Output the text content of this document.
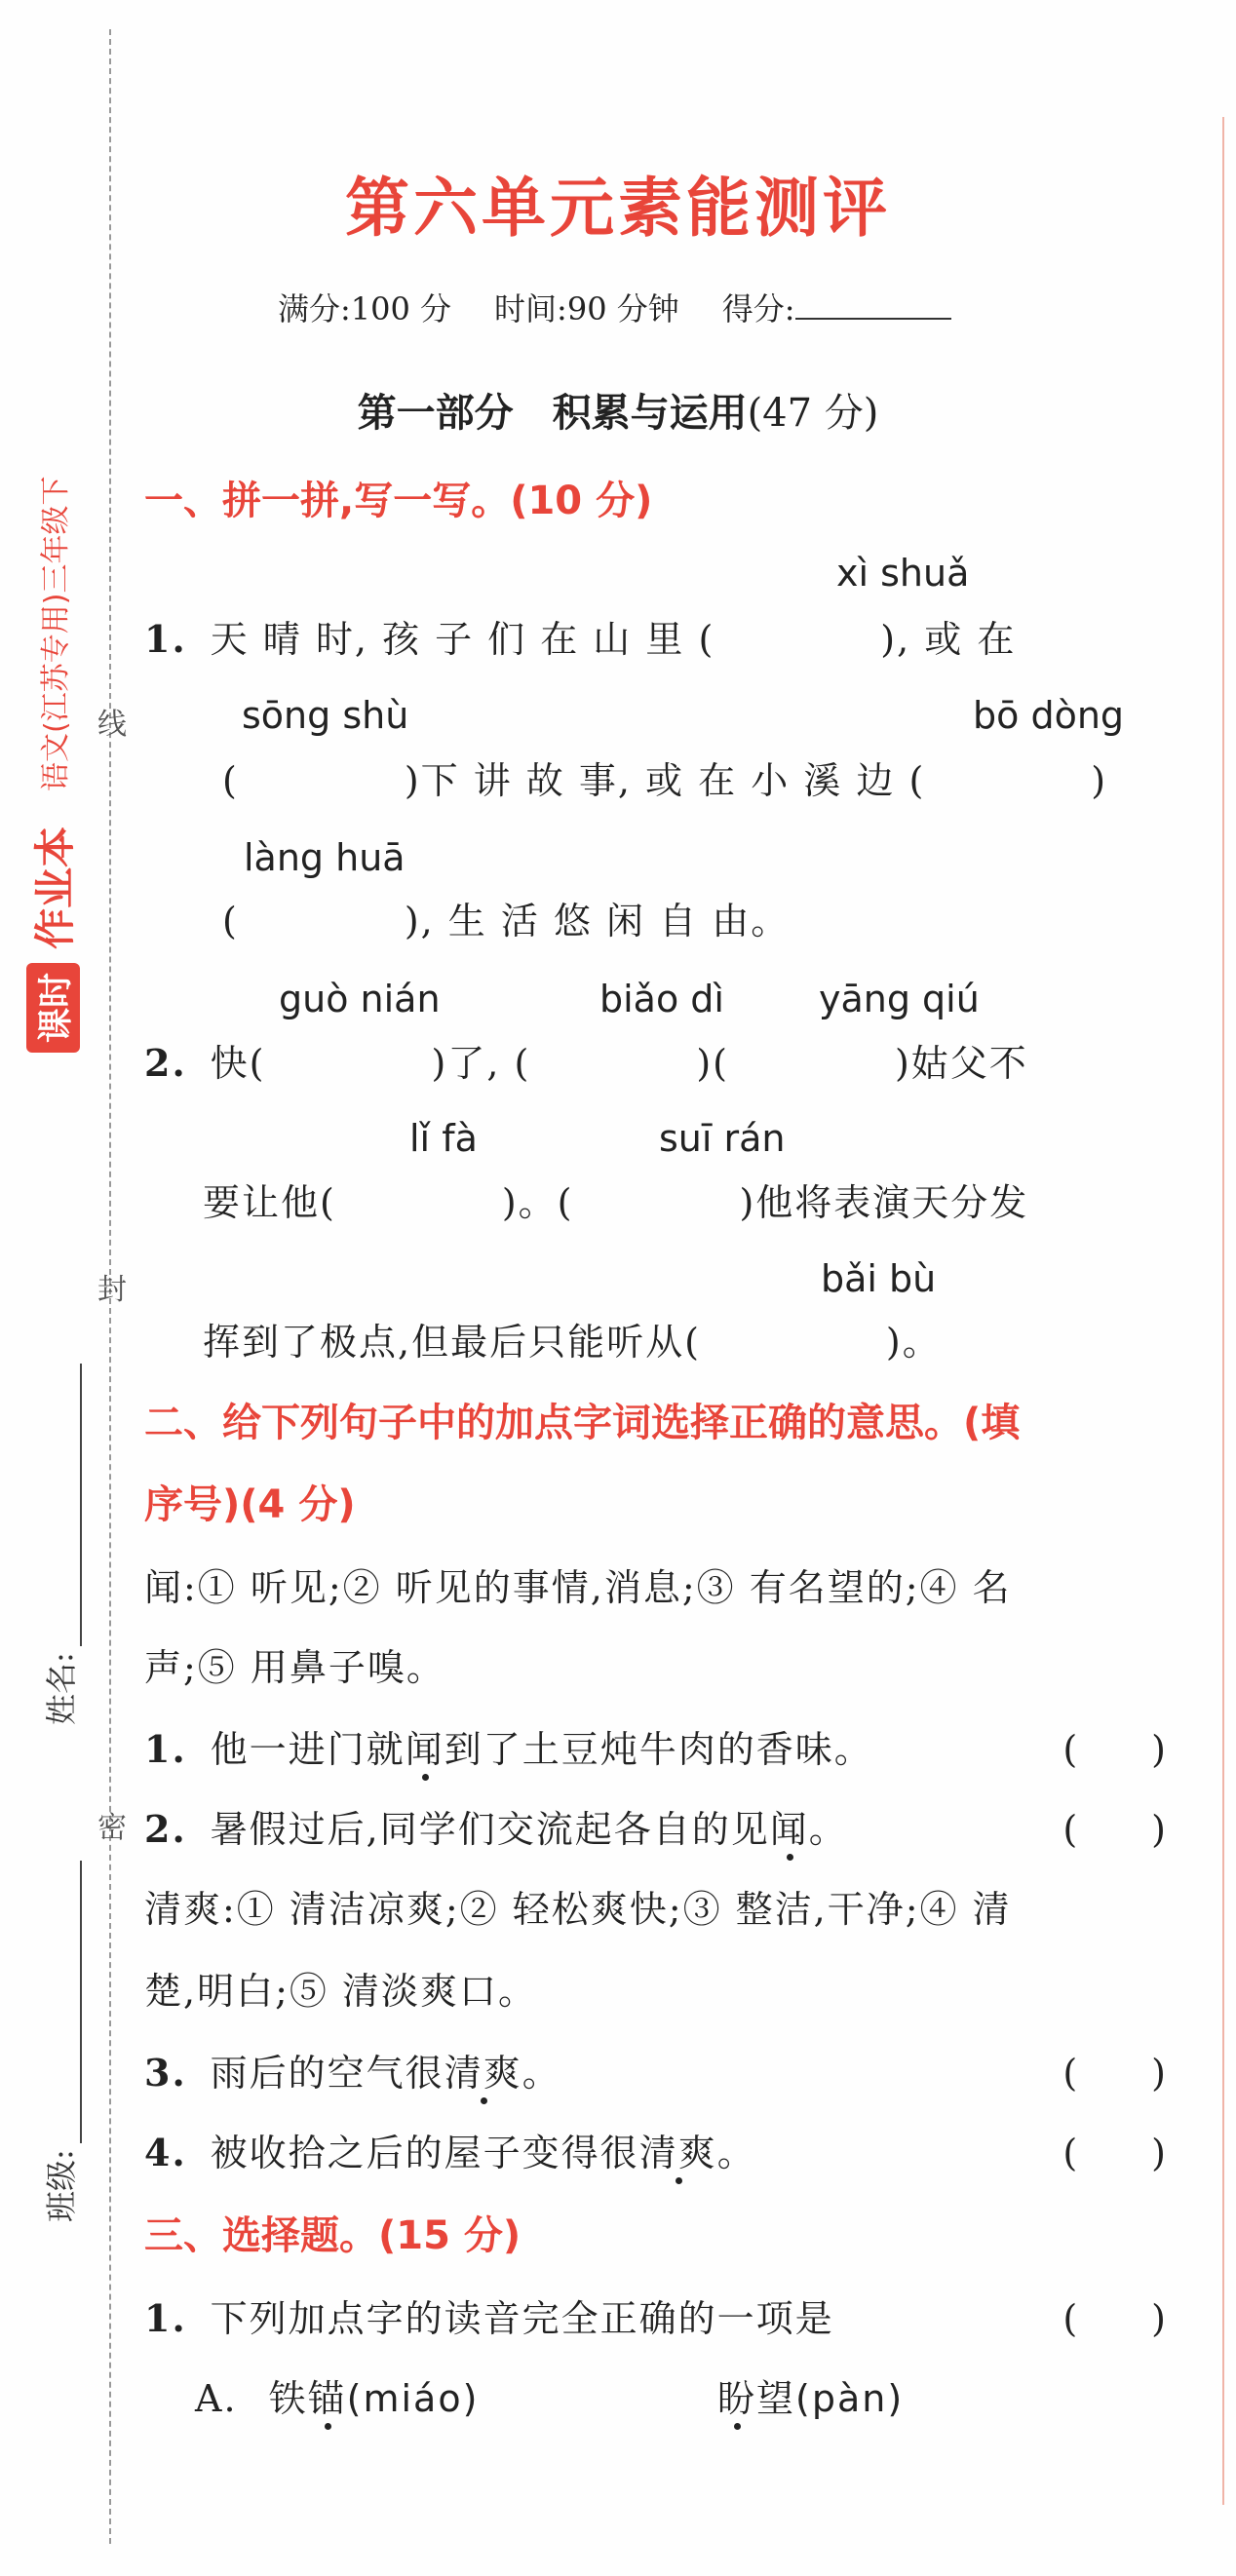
线
封
密
课时
作业本
语文(江苏专用)三年级下
姓名:
班级:
第六单元素能测评
满分:100 分 时间:90 分钟 得分:
第一部分　积累与运用(47 分)
一、拼一拼,写一写。(10 分)
xì shuǎ
1. 天 晴 时, 孩 子 们 在 山 里 (	), 或 在
sōng shù	bō dòng
(	)下 讲 故 事, 或 在 小 溪 边 (	)
làng huā
(	), 生 活 悠 闲 自 由。
guò nián	biǎo dì	yāng qiú
2. 快(	)了, (	)(	)姑父不
lǐ fà	suī rán
要让他(	)。(	)他将表演天分发
bǎi bù
挥到了极点,但最后只能听从(	)。
二、给下列句子中的加点字词选择正确的意思。(填
序号)(4 分)
闻:① 听见;② 听见的事情,消息;③ 有名望的;④ 名
声;⑤ 用鼻子嗅。
1. 他一进门就闻到了土豆炖牛肉的香味。	(　　)
2. 暑假过后,同学们交流起各自的见闻。	(　　)
清爽:① 清洁凉爽;② 轻松爽快;③ 整洁,干净;④ 清
楚,明白;⑤ 清淡爽口。
3. 雨后的空气很清爽。	(　　)
4. 被收拾之后的屋子变得很清爽。	(　　)
三、选择题。(15 分)
1. 下列加点字的读音完全正确的一项是	(　　)
A. 铁锚(miáo)	盼望(pàn)
